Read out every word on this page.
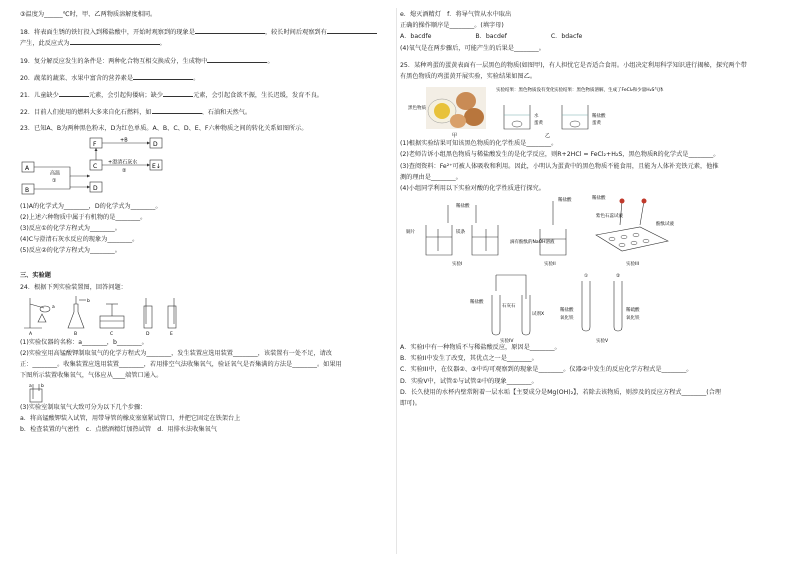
③温度为______℃时，甲、乙两物质溶解度相同。

18．将表面生锈的铁钉投入到稀盐酸中，开始时观察到的现象是	，较长时间后观察到有

产生，此反应式为	。

19．复分解反应发生的条件是：两种化合物互相交换成分，生成物中	。

20．蔬菜的蔬菜、水果中富含的营养素是	。

21．儿童缺少	元素，会引起佝偻病；缺少	元素，会引起食欲不振，生长迟缓，发育不良。

22．目前人们使用的燃料大多来自化石燃料，如	、石油和天然气。

23．已知A、B为两种黑色粉末，D为红色单质。A、B、C、D、E、F六种物质之间的转化关系如图所示。

F	D
A	C	E↓
B	D
+B
高温
①
+澄清石灰水
②

(1)A的化学式为________，D的化学式为________。

(2)上述六种物质中属于有机物的是________。

(3)反应①的化学方程式为________。

(4)C与澄清石灰水反应的现象为________。

(5)反应②的化学方程式为________。

三、实验题

24．根据下列实验装置图，回答问题：

A	B	C	D	E
a
b

(1)实验仪器的名称：a________，b________。

(2)实验室用高锰酸钾制取氧气的化学方程式为________，发生装置应选用装置________，该装置有一处不足，请改

正：________。收集装置应选用装置________，若用排空气法收集氧气，验证氧气是否集满的方法是________。如果用

下图所示装置收集氧气，气体应从____端管口通入。

a b

(3)实验室制取氧气大致可分为以下几个步骤：

a．将高锰酸钾装入试管，用带导管的橡皮塞塞紧试管口，并把它固定在铁架台上

b．检查装置的气密性　c．点燃酒精灯加热试管　d．用排水法收集氧气

e．熄灭酒精灯　f．将导气管从水中取出

正确的操作顺序是________。(填字母)

A．bacdfe	B．bacdef	C．bdacfe

(4)氧气是在两步骤后，可能产生的后果是________。

25．某种鸡蛋的蛋黄表面有一层黑色的物质(如图甲)，有人担忧它是否适合食用。小组决定利用科学知识进行揭秘，探究两个带

有黑色物质的鸡蛋黄开展实验，实验结果如图乙。

黑色物质
甲
实验结果：黑色物质没有变化
水
蛋黄
实验结果：黑色物质溶解，生成了FeCl₂和少量H₂S气体
稀盐酸
蛋黄
乙

(1)根据实验结果可知该黑色物质的化学性质是________。

(2)老师告诉小组黑色物质与稀盐酸发生的是化学反应，则R+2HCl = FeCl₂+H₂S，黑色物质R的化学式是________。

(3)查阅资料：Fe²⁺可被人体吸收和利用。因此，小明认为蛋黄中的黑色物质不能食用，且能为人体补充铁元素，他推

测的理由是________。

(4)小组同学利用以下实验对酸的化学性质进行探究。

稀盐酸
铜片	镁条
实验I
稀盐酸
滴有酚酞的NaOH溶液
实验II
稀盐酸
紫色石蕊试液
酚酞试液
实验III
稀盐酸
石灰石
试剂X
实验IV
①	②
稀盐酸
氧化铁
稀硫酸
氧化铁
实验V

A．实验I中有一种物质不与稀盐酸反应，原因是________。

B．实验II中发生了改变，其优点之一是________。

C．实验III中，在仪器②、③中均可观察到的现象是________。仪器②中发生的反应化学方程式是________。

D．实验V中，试管①与试管②中的现象________。

D．长久使用的水杯内壁常附着一层水垢【主要成分是Mg(OH)₂】，若除去该物质，则涉及的反应方程式________(合理

即可)。
